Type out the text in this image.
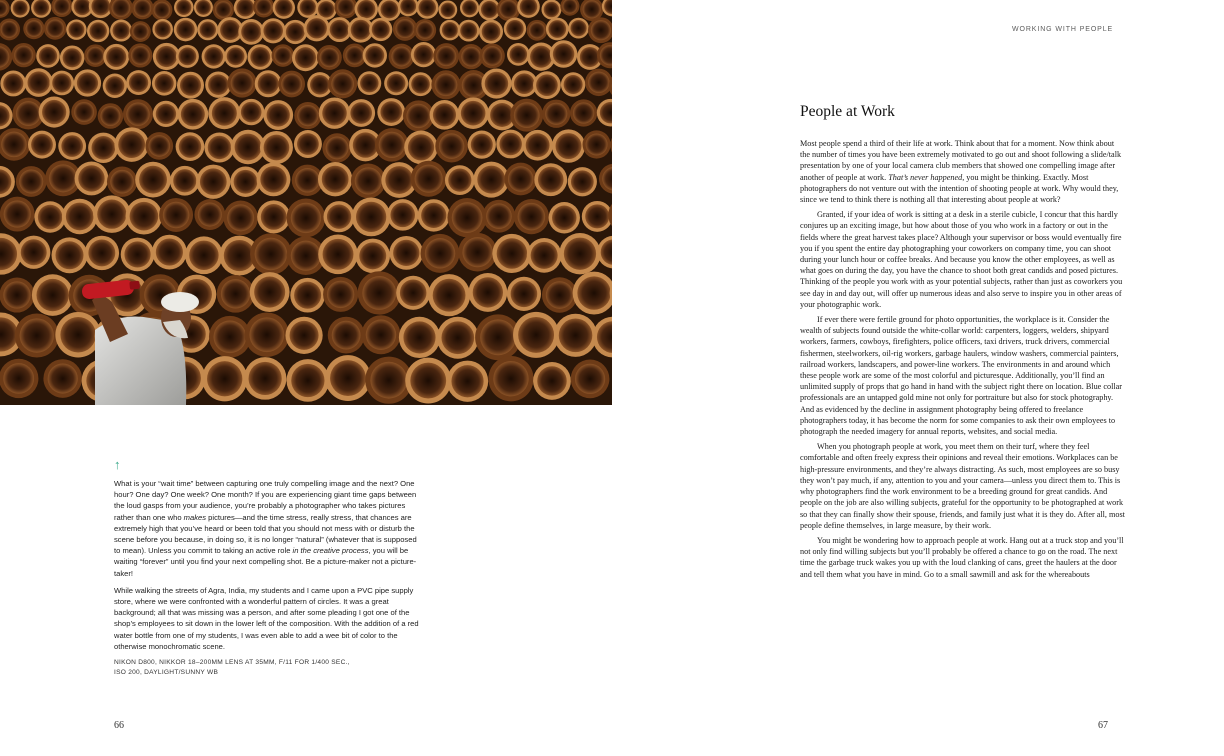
↑

What is your “wait time” between capturing one truly compelling image and the next? One hour? One day? One week? One month? If you are experiencing giant time gaps between the loud gasps from your audience, you’re probably a photographer who takes pictures rather than one who makes pictures—and the time stress, really stress, that chances are extremely high that you’ve heard or been told that you should not mess with or disturb the scene before you because, in doing so, it is no longer “natural” (whatever that is supposed to mean). Unless you commit to taking an active role in the creative process, you will be waiting “forever” until you find your next compelling shot. Be a picture-maker not a picture-taker!

While walking the streets of Agra, India, my students and I came upon a PVC pipe supply store, where we were confronted with a wonderful pattern of circles. It was a great background; all that was missing was a person, and after some pleading I got one of the shop’s employees to sit down in the lower left of the composition. With the addition of a red water bottle from one of my students, I was even able to add a wee bit of color to the otherwise monochromatic scene.

NIKON D800, NIKKOR 18–200MM LENS AT 35MM, F/11 FOR 1/400 SEC.,
ISO 200, DAYLIGHT/SUNNY WB
66
WORKING WITH PEOPLE
People at Work

Most people spend a third of their life at work. Think about that for a moment. Now think about the number of times you have been extremely motivated to go out and shoot following a slide/talk presentation by one of your local camera club members that showed one compelling image after another of people at work. That’s never happened, you might be thinking. Exactly. Most photographers do not venture out with the intention of shooting people at work. Why would they, since we tend to think there is nothing all that interesting about people at work?

Granted, if your idea of work is sitting at a desk in a sterile cubicle, I concur that this hardly conjures up an exciting image, but how about those of you who work in a factory or out in the fields where the great harvest takes place? Although your supervisor or boss would eventually fire you if you spent the entire day photographing your coworkers on company time, you can shoot during your lunch hour or coffee breaks. And because you know the other employees, as well as what goes on during the day, you have the chance to shoot both great candids and posed pictures. Thinking of the people you work with as your potential subjects, rather than just as coworkers you see day in and day out, will offer up numerous ideas and also serve to inspire you in other areas of your photographic work.

If ever there were fertile ground for photo opportunities, the workplace is it. Consider the wealth of subjects found outside the white-collar world: carpenters, loggers, welders, shipyard workers, farmers, cowboys, firefighters, police officers, taxi drivers, truck drivers, commercial fishermen, steelworkers, oil-rig workers, garbage haulers, window washers, commercial painters, railroad workers, landscapers, and power-line workers. The environments in and around which these people work are some of the most colorful and picturesque. Additionally, you’ll find an unlimited supply of props that go hand in hand with the subject right there on location. Blue collar professionals are an untapped gold mine not only for portraiture but also for stock photography. And as evidenced by the decline in assignment photography being offered to freelance photographers today, it has become the norm for some companies to ask their own employees to photograph the needed imagery for annual reports, websites, and social media.

When you photograph people at work, you meet them on their turf, where they feel comfortable and often freely express their opinions and reveal their emotions. Workplaces can be high-pressure environments, and they’re always distracting. As such, most employees are so busy they won’t pay much, if any, attention to you and your camera—unless you direct them to. This is why photographers find the work environment to be a breeding ground for great candids. And people on the job are also willing subjects, grateful for the opportunity to be photographed at work so that they can finally show their spouse, friends, and family just what it is they do. After all, most people define themselves, in large measure, by their work.

You might be wondering how to approach people at work. Hang out at a truck stop and you’ll not only find willing subjects but you’ll probably be offered a chance to go on the road. The next time the garbage truck wakes you up with the loud clanking of cans, greet the haulers at the door and tell them what you have in mind. Go to a small sawmill and ask for the whereabouts

67
